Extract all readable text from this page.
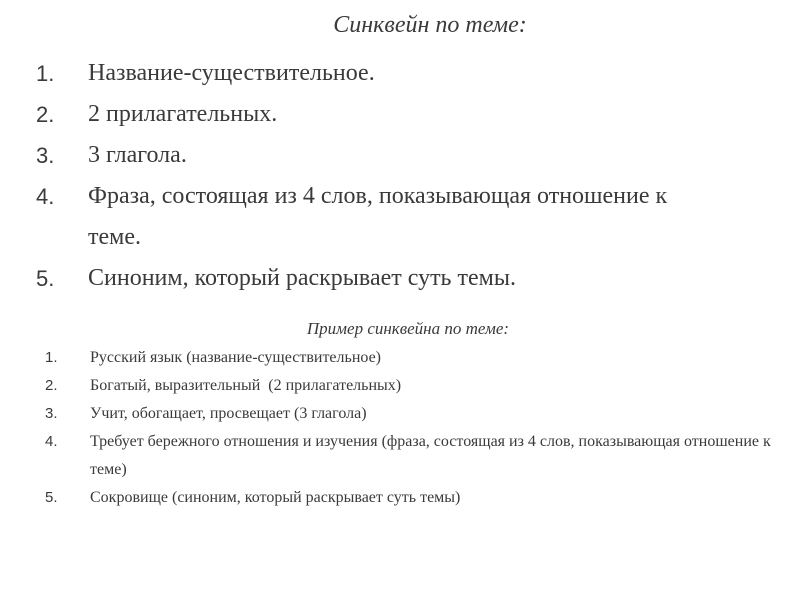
Синквейн по теме:
1.	Название-существительное.
2.	2 прилагательных.
3.	3 глагола.
4.	Фраза, состоящая из 4 слов, показывающая отношение к теме.
5.	Синоним, который раскрывает суть темы.
Пример синквейна по теме:
1.	Русский язык (название-существительное)
2.	Богатый, выразительный  (2 прилагательных)
3.	Учит, обогащает, просвещает (3 глагола)
4.	Требует бережного отношения и изучения (фраза, состоящая из 4 слов, показывающая отношение к теме)
5.	Сокровище (синоним, который раскрывает суть темы)
